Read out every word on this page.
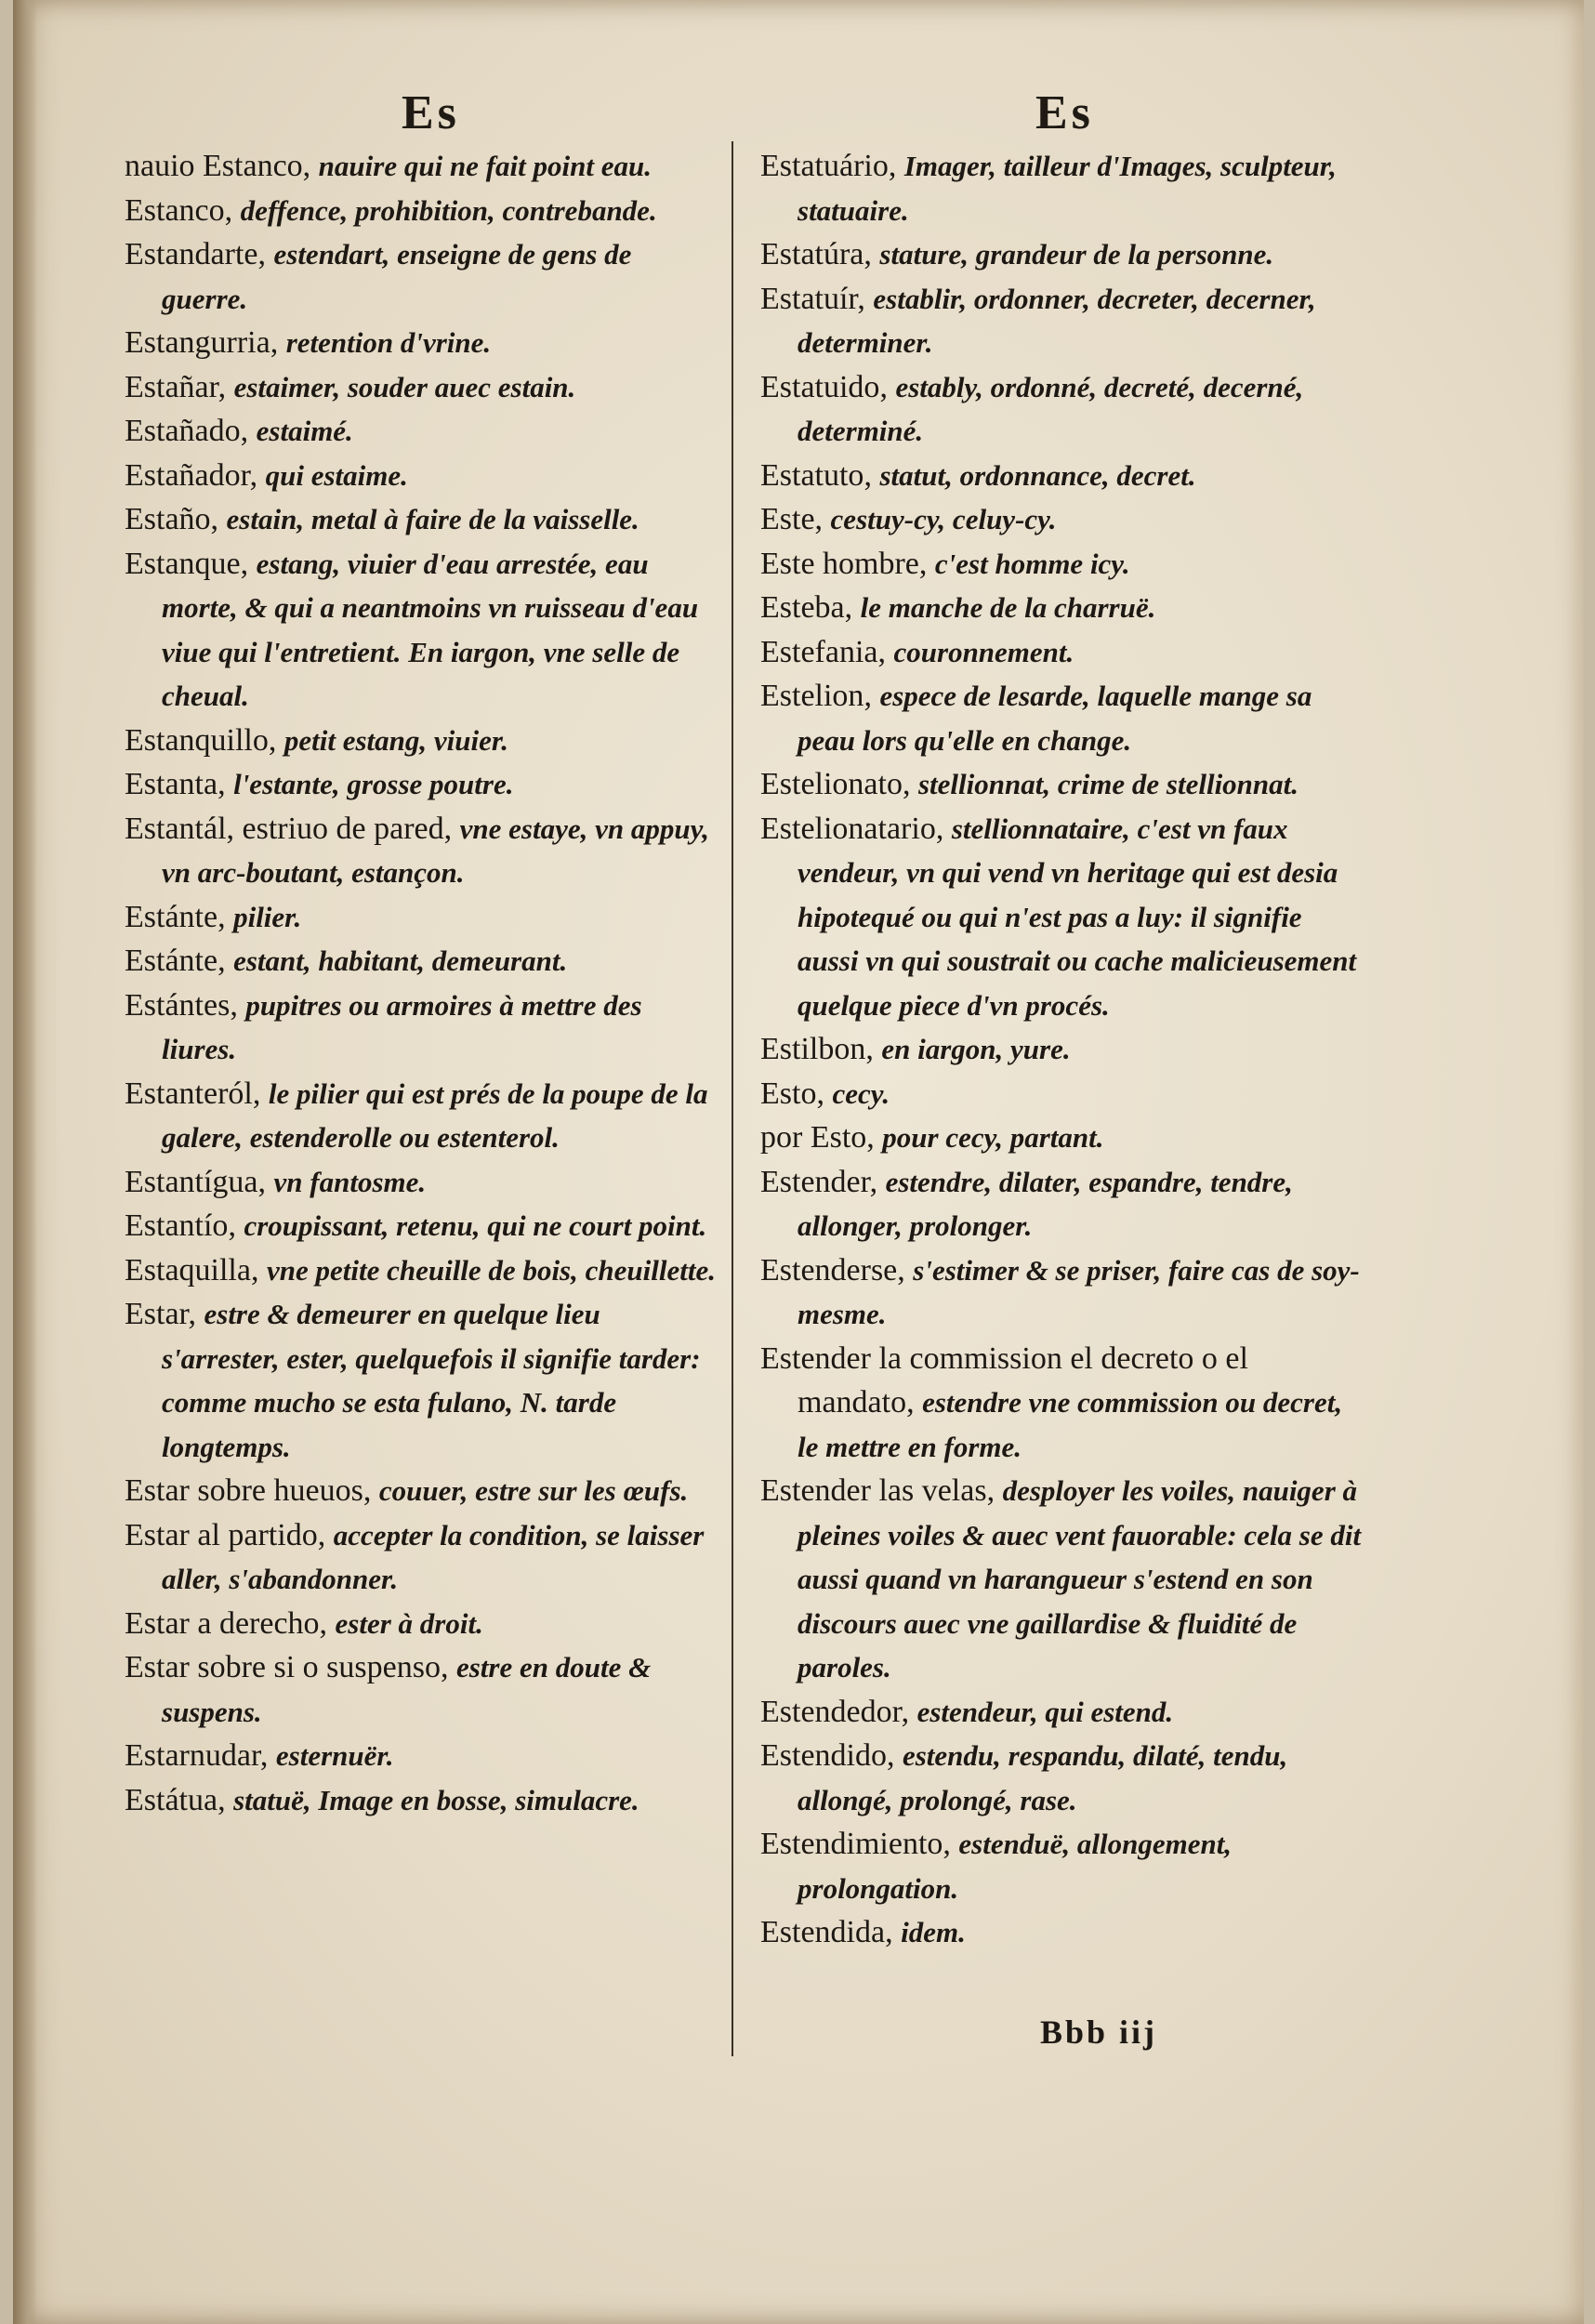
Es	Es
nauio Estanco, nauire qui ne fait point eau.
Estanco, deffence, prohibition, contrebande.
Estandarte, estendart, enseigne de gens de guerre.
Estangurria, retention d'vrine.
Estañar, estaimer, souder auec estain.
Estañado, estaimé.
Estañador, qui estaime.
Estaño, estain, metal à faire de la vaisselle.
Estanque, estang, viuier d'eau arrestée, eau morte, & qui a neantmoins vn ruisseau d'eau viue qui l'entretient. En iargon, vne selle de cheual.
Estanquillo, petit estang, viuier.
Estanta, l'estante, grosse poutre.
Estantál, estriuo de pared, vne estaye, vn appuy, vn arc-boutant, estançon.
Estánte, pilier.
Estánte, estant, habitant, demeurant.
Estántes, pupitres ou armoires à mettre des liures.
Estanteról, le pilier qui est prés de la poupe de la galere, estenderolle ou estenterol.
Estantígua, vn fantosme.
Estantío, croupissant, retenu, qui ne court point.
Estaquilla, vne petite cheuille de bois, cheuillette.
Estar, estre & demeurer en quelque lieu s'arrester, ester, quelquefois il signifie tarder: comme mucho se esta fulano, N. tarde longtemps.
Estar sobre hueuos, couuer, estre sur les œufs.
Estar al partido, accepter la condition, se laisser aller, s'abandonner.
Estar a derecho, ester à droit.
Estar sobre si o suspenso, estre en doute & suspens.
Estarnudar, esternuër.
Estátua, statuë, Image en bosse, simulacre.
Estatuário, Imager, tailleur d'Images, sculpteur, statuaire.
Estatúra, stature, grandeur de la personne.
Estatuír, establir, ordonner, decreter, decerner, determiner.
Estatuido, estably, ordonné, decreté, decerné, determiné.
Estatuto, statut, ordonnance, decret.
Este, cestuy-cy, celuy-cy.
Este hombre, c'est homme icy.
Esteba, le manche de la charruë.
Estefania, couronnement.
Estelion, espece de lesarde, laquelle mange sa peau lors qu'elle en change.
Estelionato, stellionnat, crime de stellionnat.
Estelionatario, stellionnataire, c'est vn faux vendeur, vn qui vend vn heritage qui est desia hipotequé ou qui n'est pas a luy: il signifie aussi vn qui soustrait ou cache malicieusement quelque piece d'vn procés.
Estilbon, en iargon, yure.
Esto, cecy.
por Esto, pour cecy, partant.
Estender, estendre, dilater, espandre, tendre, allonger, prolonger.
Estenderse, s'estimer & se priser, faire cas de soy-mesme.
Estender la commission el decreto o el mandato, estendre vne commission ou decret, le mettre en forme.
Estender las velas, desployer les voiles, nauiger à pleines voiles & auec vent fauorable: cela se dit aussi quand vn harangueur s'estend en son discours auec vne gaillardise & fluidité de paroles.
Estendedor, estendeur, qui estend.
Estendido, estendu, respandu, dilaté, tendu, allongé, prolongé, rase.
Estendimiento, estenduë, allongement, prolongation.
Estendida, idem.
Bbb iij
